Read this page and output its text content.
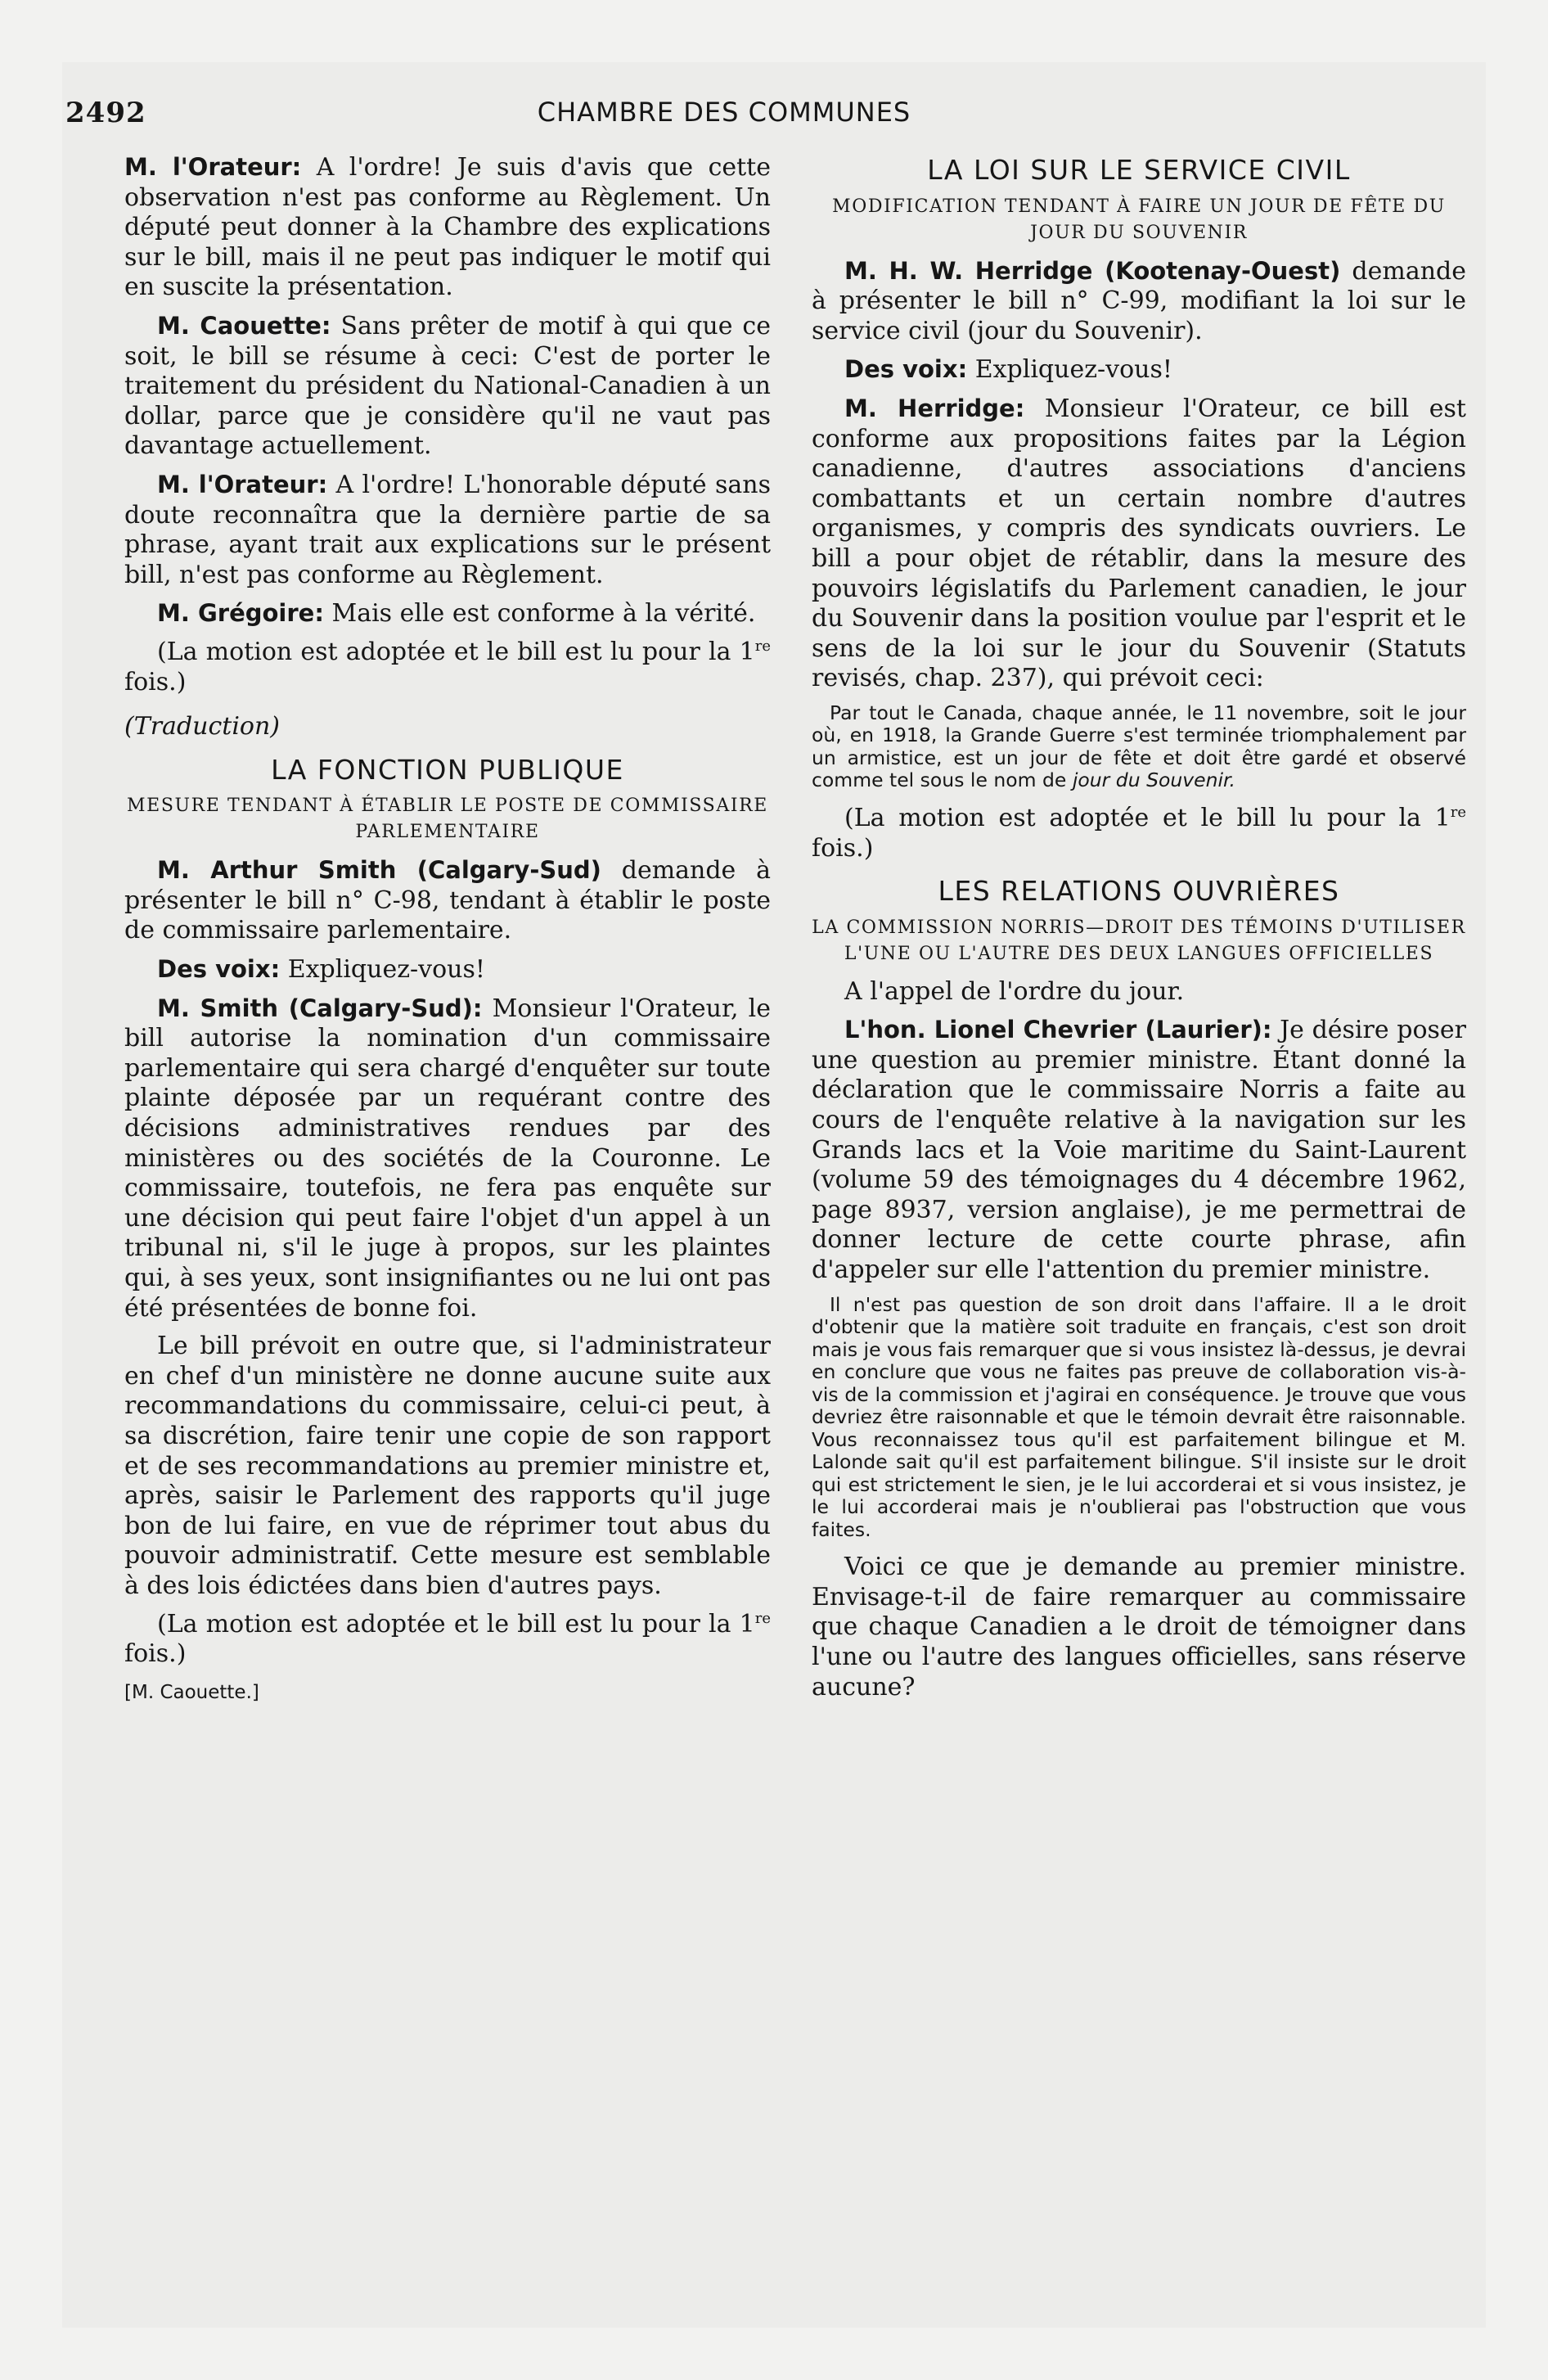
2492	CHAMBRE DES COMMUNES

M. l'Orateur: A l'ordre! Je suis d'avis que cette observation n'est pas conforme au Règlement. Un député peut donner à la Chambre des explications sur le bill, mais il ne peut pas indiquer le motif qui en suscite la présentation.

M. Caouette: Sans prêter de motif à qui que ce soit, le bill se résume à ceci: C'est de porter le traitement du président du National-Canadien à un dollar, parce que je considère qu'il ne vaut pas davantage actuellement.

M. l'Orateur: A l'ordre! L'honorable député sans doute reconnaîtra que la dernière partie de sa phrase, ayant trait aux explications sur le présent bill, n'est pas conforme au Règlement.

M. Grégoire: Mais elle est conforme à la vérité.

(La motion est adoptée et le bill est lu pour la 1re fois.)

(Traduction)

LA FONCTION PUBLIQUE
MESURE TENDANT À ÉTABLIR LE POSTE DE COMMISSAIRE PARLEMENTAIRE

M. Arthur Smith (Calgary-Sud) demande à présenter le bill n° C-98, tendant à établir le poste de commissaire parlementaire.

Des voix: Expliquez-vous!

M. Smith (Calgary-Sud): Monsieur l'Orateur, le bill autorise la nomination d'un commissaire parlementaire qui sera chargé d'enquêter sur toute plainte déposée par un requérant contre des décisions administratives rendues par des ministères ou des sociétés de la Couronne. Le commissaire, toutefois, ne fera pas enquête sur une décision qui peut faire l'objet d'un appel à un tribunal ni, s'il le juge à propos, sur les plaintes qui, à ses yeux, sont insignifiantes ou ne lui ont pas été présentées de bonne foi.

Le bill prévoit en outre que, si l'administrateur en chef d'un ministère ne donne aucune suite aux recommandations du commissaire, celui-ci peut, à sa discrétion, faire tenir une copie de son rapport et de ses recommandations au premier ministre et, après, saisir le Parlement des rapports qu'il juge bon de lui faire, en vue de réprimer tout abus du pouvoir administratif. Cette mesure est semblable à des lois édictées dans bien d'autres pays.

(La motion est adoptée et le bill est lu pour la 1re fois.)

[M. Caouette.]
LA LOI SUR LE SERVICE CIVIL
MODIFICATION TENDANT À FAIRE UN JOUR DE FÊTE DU JOUR DU SOUVENIR

M. H. W. Herridge (Kootenay-Ouest) demande à présenter le bill n° C-99, modifiant la loi sur le service civil (jour du Souvenir).

Des voix: Expliquez-vous!

M. Herridge: Monsieur l'Orateur, ce bill est conforme aux propositions faites par la Légion canadienne, d'autres associations d'anciens combattants et un certain nombre d'autres organismes, y compris des syndicats ouvriers. Le bill a pour objet de rétablir, dans la mesure des pouvoirs législatifs du Parlement canadien, le jour du Souvenir dans la position voulue par l'esprit et le sens de la loi sur le jour du Souvenir (Statuts revisés, chap. 237), qui prévoit ceci:

Par tout le Canada, chaque année, le 11 novembre, soit le jour où, en 1918, la Grande Guerre s'est terminée triomphalement par un armistice, est un jour de fête et doit être gardé et observé comme tel sous le nom de jour du Souvenir.

(La motion est adoptée et le bill lu pour la 1re fois.)

LES RELATIONS OUVRIÈRES
LA COMMISSION NORRIS—DROIT DES TÉMOINS D'UTILISER L'UNE OU L'AUTRE DES DEUX LANGUES OFFICIELLES

A l'appel de l'ordre du jour.

L'hon. Lionel Chevrier (Laurier): Je désire poser une question au premier ministre. Étant donné la déclaration que le commissaire Norris a faite au cours de l'enquête relative à la navigation sur les Grands lacs et la Voie maritime du Saint-Laurent (volume 59 des témoignages du 4 décembre 1962, page 8937, version anglaise), je me permettrai de donner lecture de cette courte phrase, afin d'appeler sur elle l'attention du premier ministre.

Il n'est pas question de son droit dans l'affaire. Il a le droit d'obtenir que la matière soit traduite en français, c'est son droit mais je vous fais remarquer que si vous insistez là-dessus, je devrai en conclure que vous ne faites pas preuve de collaboration vis-à-vis de la commission et j'agirai en conséquence. Je trouve que vous devriez être raisonnable et que le témoin devrait être raisonnable. Vous reconnaissez tous qu'il est parfaitement bilingue et M. Lalonde sait qu'il est parfaitement bilingue. S'il insiste sur le droit qui est strictement le sien, je le lui accorderai et si vous insistez, je le lui accorderai mais je n'oublierai pas l'obstruction que vous faites.

Voici ce que je demande au premier ministre. Envisage-t-il de faire remarquer au commissaire que chaque Canadien a le droit de témoigner dans l'une ou l'autre des langues officielles, sans réserve aucune?
